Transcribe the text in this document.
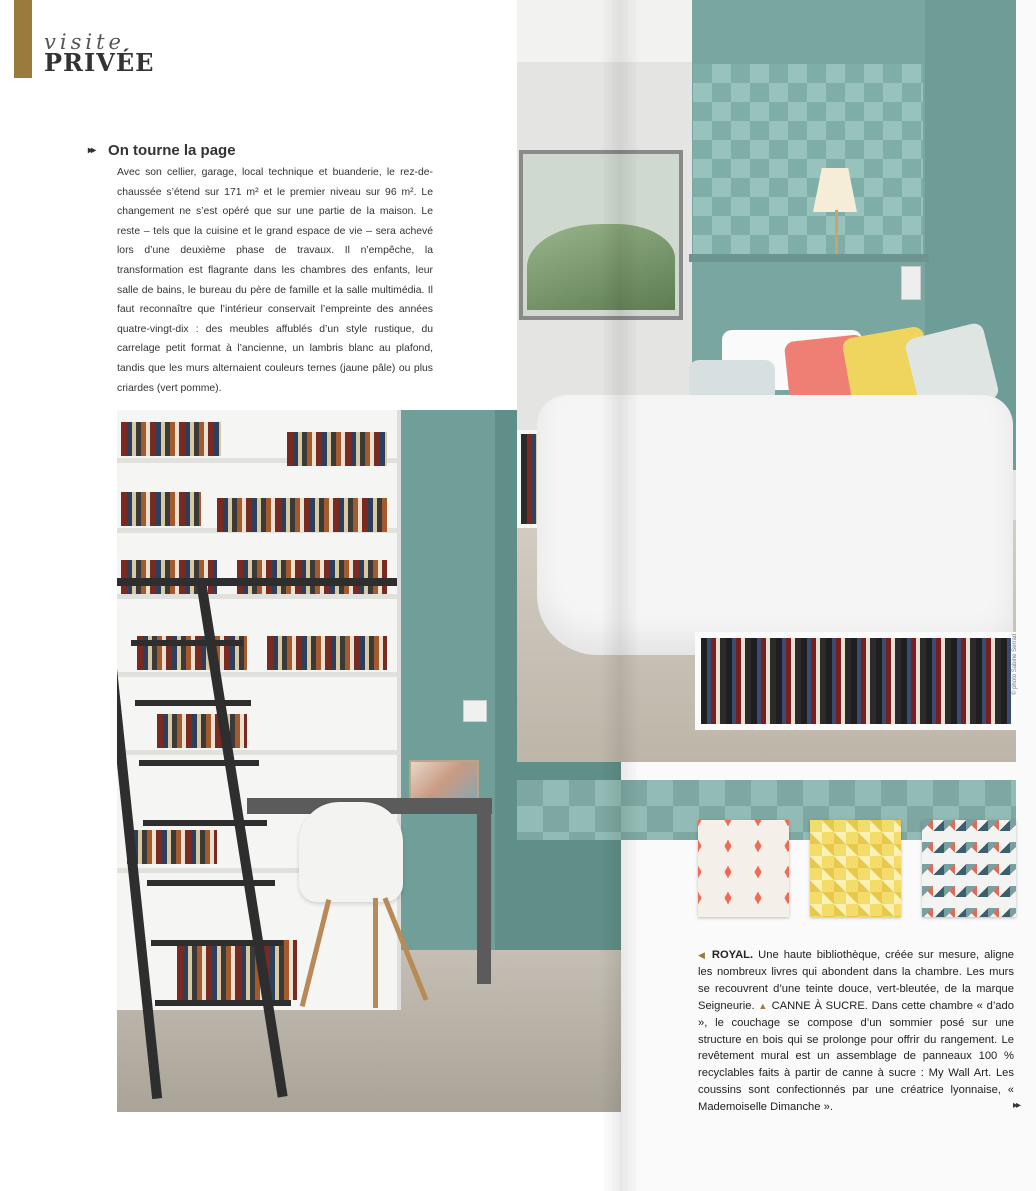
visite
PRIVÉE
▸▸ On tourne la page

Avec son cellier, garage, local technique et buanderie, le rez-de-chaussée s’étend sur 171 m² et le premier niveau sur 96 m². Le changement ne s’est opéré que sur une partie de la maison. Le reste – tels que la cuisine et le grand espace de vie – sera achevé lors d’une deuxième phase de travaux. Il n’empêche, la transformation est flagrante dans les chambres des enfants, leur salle de bains, le bureau du père de famille et la salle multimédia. Il faut reconnaître que l’intérieur conservait l’empreinte des années quatre-vingt-dix : des meubles affublés d’un style rustique, du carrelage petit format à l’ancienne, un lambris blanc au plafond, tandis que les murs alternaient couleurs ternes (jaune pâle) ou plus criardes (vert pomme).

© photo Sabine Serrad

◀ ROYAL. Une haute bibliothèque, créée sur mesure, aligne les nombreux livres qui abondent dans la chambre. Les murs se recouvrent d’une teinte douce, vert-bleutée, de la marque Seigneurie. ▲ CANNE À SUCRE. Dans cette chambre « d’ado », le couchage se compose d’un sommier posé sur une structure en bois qui se prolonge pour offrir du rangement. Le revêtement mural est un assemblage de panneaux 100 % recyclables faits à partir de canne à sucre : My Wall Art. Les coussins sont confectionnés par une créatrice lyonnaise, « Mademoiselle Dimanche ».	▸▸
